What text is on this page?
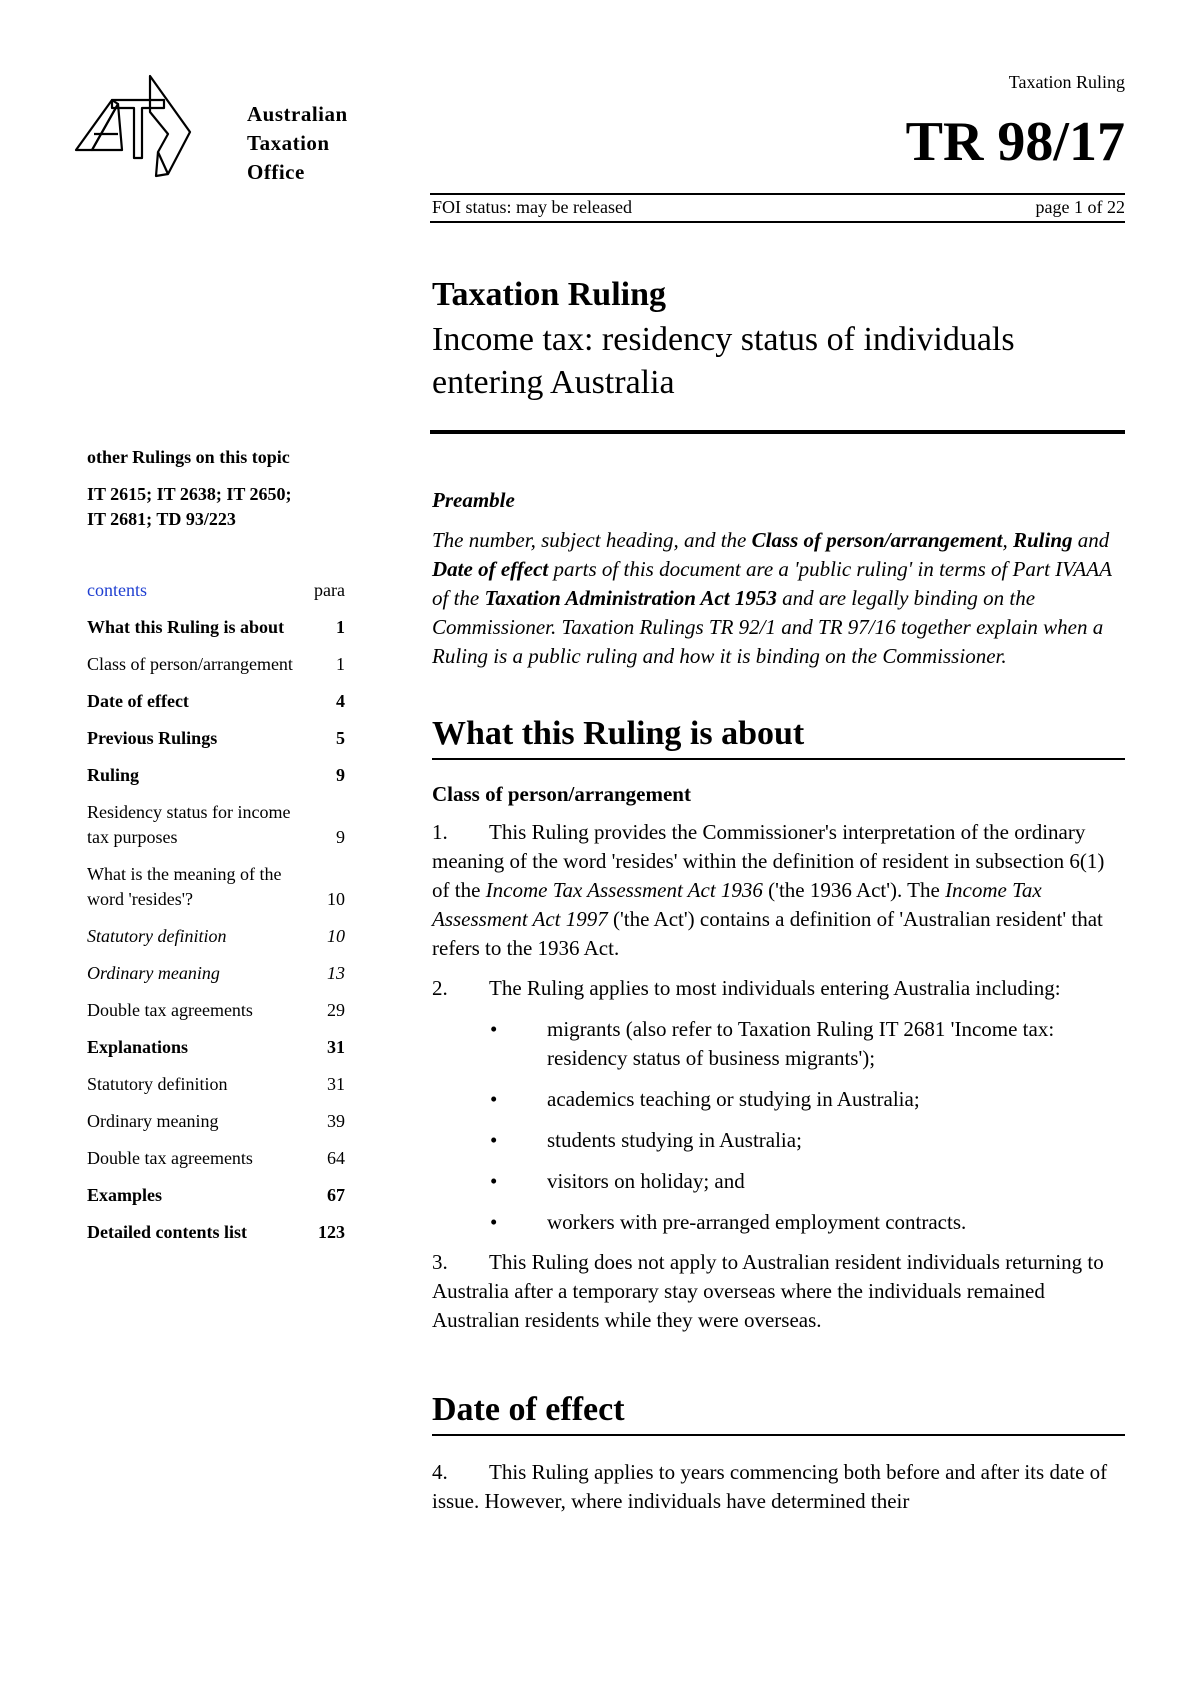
Australian
Taxation
Office
Taxation Ruling
TR 98/17
FOI status: may be released	page 1 of 22
Taxation Ruling
Income tax: residency status of individuals entering Australia
other Rulings on this topic
IT 2615; IT 2638; IT 2650;
IT 2681; TD 93/223
contents	para
What this Ruling is about	1
Class of person/arrangement	1
Date of effect	4
Previous Rulings	5
Ruling	9
Residency status for income tax purposes	9
What is the meaning of the word 'resides'?	10
Statutory definition	10
Ordinary meaning	13
Double tax agreements	29
Explanations	31
Statutory definition	31
Ordinary meaning	39
Double tax agreements	64
Examples	67
Detailed contents list	123

Preamble

The number, subject heading, and the Class of person/arrangement, Ruling and Date of effect parts of this document are a 'public ruling' in terms of Part IVAAA of the Taxation Administration Act 1953 and are legally binding on the Commissioner. Taxation Rulings TR 92/1 and TR 97/16 together explain when a Ruling is a public ruling and how it is binding on the Commissioner.

What this Ruling is about
Class of person/arrangement

1. This Ruling provides the Commissioner's interpretation of the ordinary meaning of the word 'resides' within the definition of resident in subsection 6(1) of the Income Tax Assessment Act 1936 ('the 1936 Act'). The Income Tax Assessment Act 1997 ('the Act') contains a definition of 'Australian resident' that refers to the 1936 Act.

2. The Ruling applies to most individuals entering Australia including:

• migrants (also refer to Taxation Ruling IT 2681 'Income tax: residency status of business migrants');
• academics teaching or studying in Australia;
• students studying in Australia;
• visitors on holiday; and
• workers with pre-arranged employment contracts.

3. This Ruling does not apply to Australian resident individuals returning to Australia after a temporary stay overseas where the individuals remained Australian residents while they were overseas.

Date of effect

4. This Ruling applies to years commencing both before and after its date of issue. However, where individuals have determined their
